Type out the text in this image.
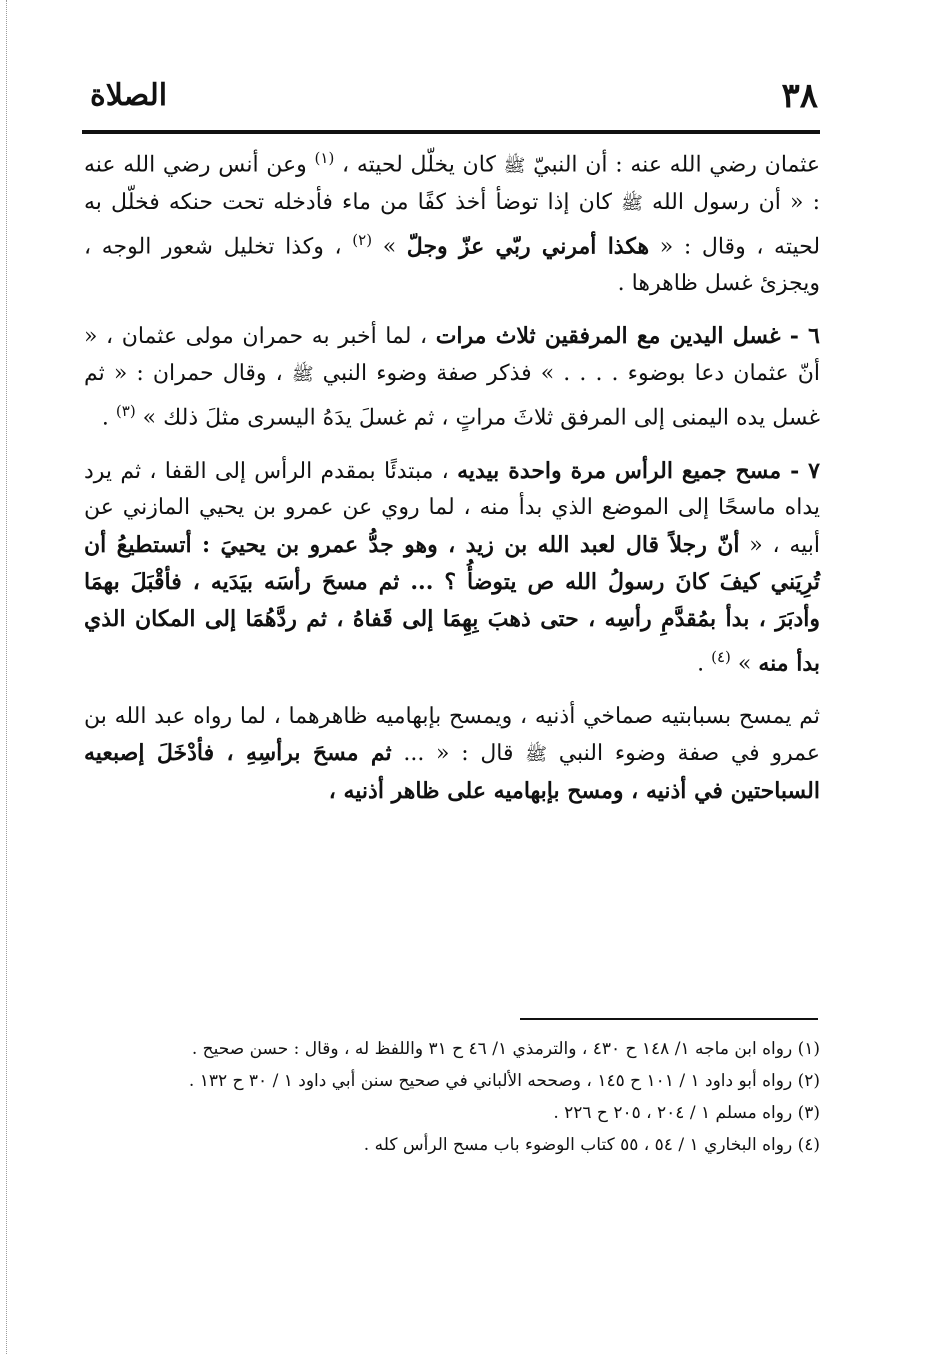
٣٨
الصلاة

عثمان رضي الله عنه : أن النبيّ ﷺ كان يخلّل لحيته ، $^{(١)}$ وعن أنس رضي الله عنه : « أن رسول الله ﷺ كان إذا توضأ أخذ كفًا من ماء فأدخله تحت حنكه فخلّل به لحيته ، وقال : « هكذا أمرني ربّي عزّ وجلّ » $^{(٢)}$ ، وكذا تخليل شعور الوجه ، ويجزئ غسل ظاهرها .

٦ - غسل اليدين مع المرفقين ثلاث مرات ، لما أخبر به حمران مولى عثمان ، « أنّ عثمان دعا بوضوء . . . . » فذكر صفة وضوء النبي ﷺ ، وقال حمران : « ثم غسل يده اليمنى إلى المرفق ثلاثَ مراتٍ ، ثم غسلَ يدَهُ اليسرى مثلَ ذلك » $^{(٣)}$ .

٧ - مسح جميع الرأس مرة واحدة بيديه ، مبتدئًا بمقدم الرأس إلى القفا ، ثم يرد يداه ماسحًا إلى الموضع الذي بدأ منه ، لما روي عن عمرو بن يحيي المازني عن أبيه ، « أنّ رجلاً قال لعبد الله بن زيد ، وهو جدُّ عمرو بن يحييَ : أتستطيعُ أن تُرِيَني كيفَ كانَ رسولُ الله ص يتوضأُ ؟ ... ثم مسحَ رأسَه بيَدَيه ، فأقْبَلَ بهمَا وأدبَرَ ، بدأ بمُقدَّمِ رأسِه ، حتى ذهبَ بِهِمَا إلى قَفاهُ ، ثم ردَّهُمَا إلى المكان الذي بدأ منه » $^{(٤)}$ .

ثم يمسح بسبابتيه صماخي أذنيه ، ويمسح بإبهاميه ظاهرهما ، لما رواه عبد الله بن عمرو في صفة وضوء النبي ﷺ قال : « ... ثم مسحَ برأسِهِ ، فأدْخَلَ إصبعيه السباحتين في أذنيه ، ومسح بإبهاميه على ظاهر أذنيه ،

(١) رواه ابن ماجه ١/ ١٤٨ ح ٤٣٠ ، والترمذي ١/ ٤٦ ح ٣١ واللفظ له ، وقال : حسن صحيح .

(٢) رواه أبو داود ١ / ١٠١ ح ١٤٥ ، وصححه الألباني في صحيح سنن أبي داود ١ / ٣٠ ح ١٣٢ .

(٣) رواه مسلم ١ / ٢٠٤ ، ٢٠٥ ح ٢٢٦ .

(٤) رواه البخاري ١ / ٥٤ ، ٥٥ كتاب الوضوء باب مسح الرأس كله .
